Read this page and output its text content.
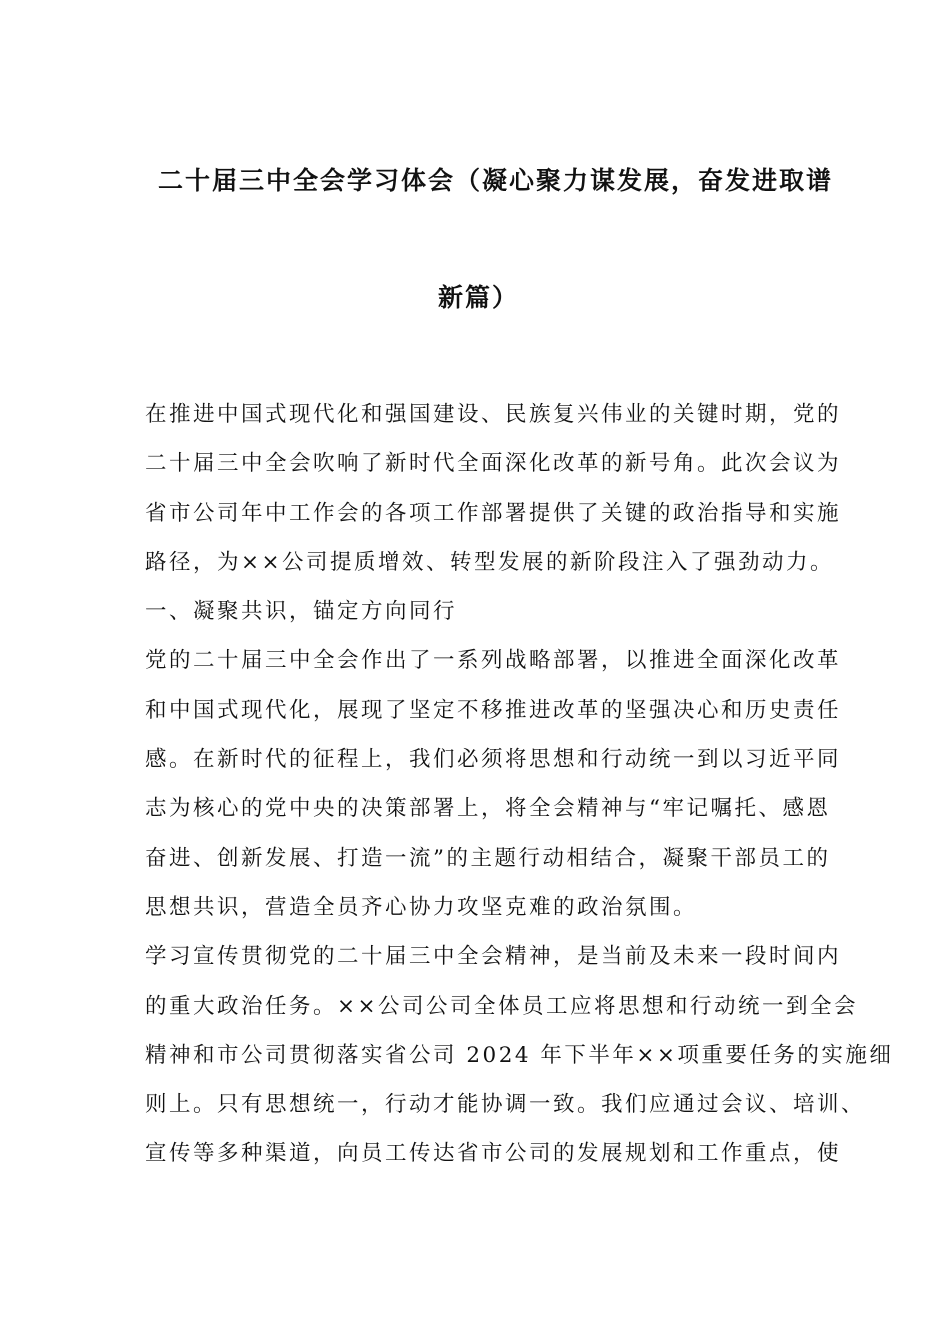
二十届三中全会学习体会（凝心聚力谋发展，奋发进取谱
新篇）
在推进中国式现代化和强国建设、民族复兴伟业的关键时期，党的
二十届三中全会吹响了新时代全面深化改革的新号角。此次会议为
省市公司年中工作会的各项工作部署提供了关键的政治指导和实施
路径，为××公司提质增效、转型发展的新阶段注入了强劲动力。
一、凝聚共识，锚定方向同行
党的二十届三中全会作出了一系列战略部署，以推进全面深化改革
和中国式现代化，展现了坚定不移推进改革的坚强决心和历史责任
感。在新时代的征程上，我们必须将思想和行动统一到以习近平同
志为核心的党中央的决策部署上，将全会精神与“牢记嘱托、感恩
奋进、创新发展、打造一流”的主题行动相结合，凝聚干部员工的
思想共识，营造全员齐心协力攻坚克难的政治氛围。
学习宣传贯彻党的二十届三中全会精神，是当前及未来一段时间内
的重大政治任务。××公司公司全体员工应将思想和行动统一到全会
精神和市公司贯彻落实省公司 2024 年下半年××项重要任务的实施细
则上。只有思想统一，行动才能协调一致。我们应通过会议、培训、
宣传等多种渠道，向员工传达省市公司的发展规划和工作重点，使
